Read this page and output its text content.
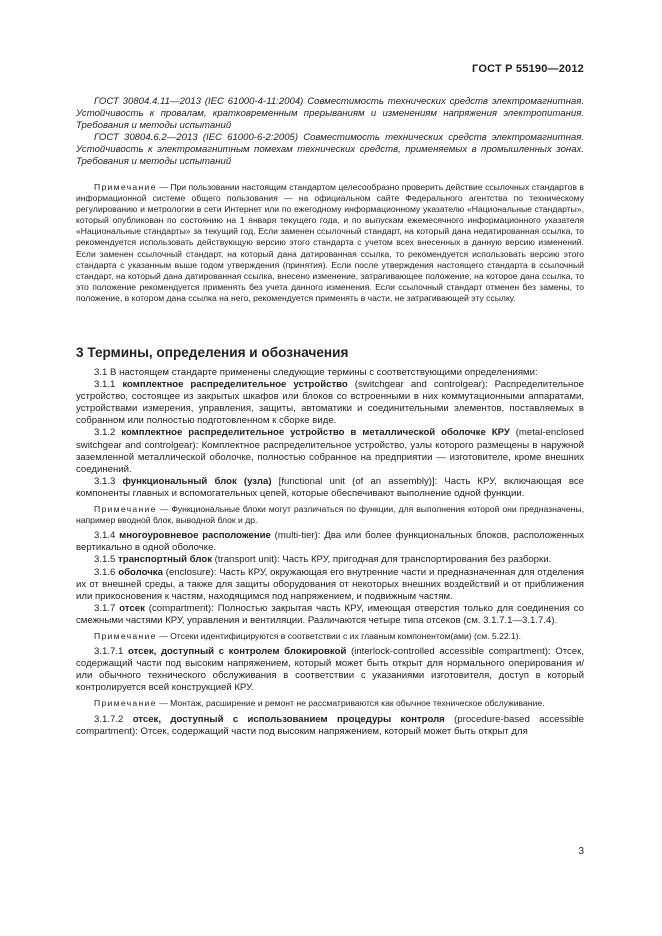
ГОСТ Р 55190—2012

ГОСТ 30804.4.11—2013 (IEC 61000-4-11:2004) Совместимость технических средств электромагнитная. Устойчивость к провалам, кратковременным прерываниям и изменениям напряжения электропитания. Требования и методы испытаний

ГОСТ 30804.6.2—2013 (IEC 61000-6-2:2005) Совместимость технических средств электромагнитная. Устойчивость к электромагнитным помехам технических средств, применяемых в промышленных зонах. Требования и методы испытаний

Примечание — При пользовании настоящим стандартом целесообразно проверить действие ссылочных стандартов в информационной системе общего пользования — на официальном сайте Федерального агентства по техническому регулированию и метрологии в сети Интернет или по ежегодному информационному указателю «Национальные стандарты», который опубликован по состоянию на 1 января текущего года, и по выпускам ежемесячного информационного указателя «Национальные стандарты» за текущий год. Если заменен ссылочный стандарт, на который дана недатированная ссылка, то рекомендуется использовать действующую версию этого стандарта с учетом всех внесенных в данную версию изменений. Если заменен ссылочный стандарт, на который дана датированная ссылка, то рекомендуется использовать версию этого стандарта с указанным выше годом утверждения (принятия). Если после утверждения настоящего стандарта в ссылочный стандарт, на который дана датированная ссылка, внесено изменение, затрагивающее положение, на которое дана ссылка, то это положение рекомендуется применять без учета данного изменения. Если ссылочный стандарт отменен без замены, то положение, в котором дана ссылка на него, рекомендуется применять в части, не затрагивающей эту ссылку.

3 Термины, определения и обозначения

3.1 В настоящем стандарте применены следующие термины с соответствующими определениями:

3.1.1 комплектное распределительное устройство (switchgear and controlgear): Распределительное устройство, состоящее из закрытых шкафов или блоков со встроенными в них коммутационными аппаратами, устройствами измерения, управления, защиты, автоматики и соединительными элементов, поставляемых в собранном или полностью подготовленном к сборке виде.

3.1.2 комплектное распределительное устройство в металлической оболочке КРУ (metal-enclosed switchgear and controlgear): Комплектное распределительное устройство, узлы которого размещены в наружной заземленной металлической оболочке, полностью собранное на предприятии — изготовителе, кроме внешних соединений.

3.1.3 функциональный блок (узла) [functional unit (of an assembly)]: Часть КРУ, включающая все компоненты главных и вспомогательных цепей, которые обеспечивают выполнение одной функции.

Примечание — Функциональные блоки могут различаться по функции, для выполнения которой они предназначены, например вводной блок, выводной блок и др.

3.1.4 многоуровневое расположение (multi-tier): Два или более функциональных блоков, расположенных вертикально в одной оболочке.

3.1.5 транспортный блок (transport unit): Часть КРУ, пригодная для транспортирования без разборки.

3.1.6 оболочка (enclosure): Часть КРУ, окружающая его внутренние части и предназначенная для отделения их от внешней среды, а также для защиты оборудования от некоторых внешних воздействий и от приближения или прикосновения к частям, находящимся под напряжением, и подвижным частям.

3.1.7 отсек (compartment): Полностью закрытая часть КРУ, имеющая отверстия только для соединения со смежными частями КРУ, управления и вентиляции. Различаются четыре типа отсеков (см. 3.1.7.1—3.1.7.4).

Примечание — Отсеки идентифицируются в соответствии с их главным компонентом(ами) (см. 5.22.1).

3.1.7.1 отсек, доступный с контролем блокировкой (interlock-controlled accessible compartment): Отсек, содержащий части под высоким напряжением, который может быть открыт для нормального оперирования и/или обычного технического обслуживания в соответствии с указаниями изготовителя, доступ в который контролируется всей конструкцией КРУ.

Примечание — Монтаж, расширение и ремонт не рассматриваются как обычное техническое обслуживание.

3.1.7.2 отсек, доступный с использованием процедуры контроля (procedure-based accessible compartment): Отсек, содержащий части под высоким напряжением, который может быть открыт для

3
